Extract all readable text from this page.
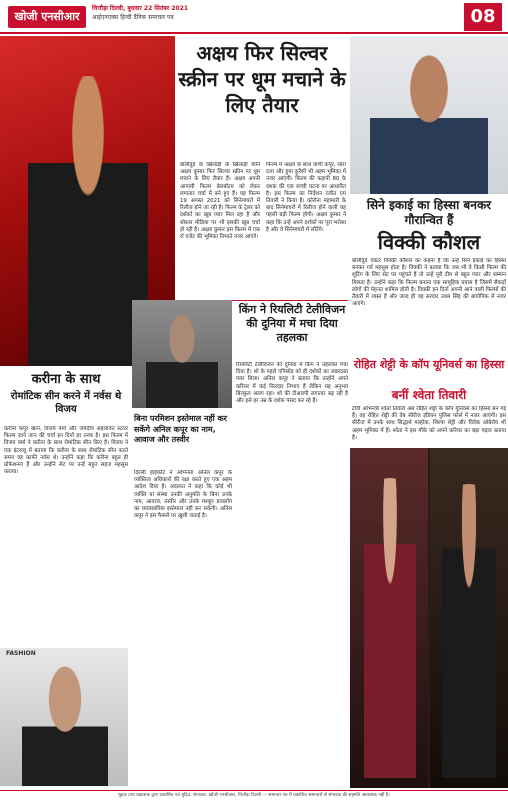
खोजी एनसीआर
चित्तौड़ा दिल्ली, बुधवार 22 सितंबर 2021
आईएनएक्स हिन्दी दैनिक समाचार पत्र	08
अक्षय फिर सिल्वर स्क्रीन पर धूम मचाने के लिए तैयार
बॉलीवुड के खिलाड़ी के खिलाड़ी यानि अक्षय कुमार फिर सिल्वर स्क्रीन पर धूम मचाने के लिए तैयार हैं। अक्षय अपनी आगामी फिल्म बेलबॉटम को लेकर लगातार चर्चा में बने हुए हैं। यह फिल्म 19 अगस्त 2021 को सिनेमाघरों में रिलीज होने जा रही है। फिल्म के ट्रेलर को दर्शकों का खूब प्यार मिल रहा है और सोशल मीडिया पर भी इसकी खूब चर्चा हो रही है। अक्षय कुमार इस फिल्म में एक रॉ एजेंट की भूमिका निभाते नजर आएंगे।
फिल्म में अक्षय के साथ वाणी कपूर, लारा दत्ता और हुमा कुरैशी भी अहम भूमिका में नजर आएंगी। फिल्म की कहानी 80 के दशक की एक सच्ची घटना पर आधारित है। इस फिल्म का निर्देशन रंजीत एम तिवारी ने किया है। कोरोना महामारी के बाद सिनेमाघरों में रिलीज होने वाली यह पहली बड़ी फिल्म होगी। अक्षय कुमार ने कहा कि उन्हें अपने दर्शकों पर पूरा भरोसा है और वे सिनेमाघरों में लौटेंगे।
सिने इकाई का हिस्सा बनकर गौरान्वित हैं
विक्की कौशल
बॉलीवुड एक्टर विक्की कौशल का कहना है कि उन्हें सिने इकाई का हिस्सा बनकर गर्व महसूस होता है। विक्की ने बताया कि जब भी वे किसी फिल्म की शूटिंग के लिए सेट पर पहुंचते हैं तो उन्हें पूरी टीम से बहुत प्यार और सम्मान मिलता है। उन्होंने कहा कि फिल्म बनाना एक सामूहिक प्रयास है जिसमें सैकड़ों लोगों की मेहनत शामिल होती है। विक्की इन दिनों अपनी आने वाली फिल्मों की तैयारी में व्यस्त हैं और जल्द ही वह सरदार उधम सिंह की बायोपिक में नजर आएंगे।
किंग ने रियलिटी टेलीविजन की दुनिया में मचा दिया तहलका
रियलिटी टेलीविजन की दुनिया में किंग ने तहलका मचा दिया है। शो के पहले एपिसोड को ही दर्शकों का जबरदस्त प्यार मिला। अनिल कपूर ने बताया कि उन्होंने अपने करियर में कई किरदार निभाए हैं लेकिन यह अनुभव बिल्कुल अलग रहा। शो की टीआरपी लगातार बढ़ रही है और इसे हर उम्र के दर्शक पसंद कर रहे हैं।
बिना परमिशन इस्तेमाल नहीं कर सकेंगे अनिल कपूर का नाम, आवाज और तस्वीर
दिल्ली हाईकोर्ट ने अभिनेता अनिल कपूर के व्यक्तित्व अधिकारों की रक्षा करते हुए एक अहम आदेश दिया है। अदालत ने कहा कि कोई भी व्यक्ति या संस्था उनकी अनुमति के बिना उनके नाम, आवाज, तस्वीर और उनके मशहूर डायलॉग का व्यावसायिक इस्तेमाल नहीं कर सकेगी। अनिल कपूर ने इस फैसले पर खुशी जताई है।
करीना के साथ
रोमांटिक सीन करने में नर्वस थे विजय
करीना कपूर खान, विजय वर्मा और जयदीप अहलावत स्टारर फिल्म जाने जान की चर्चा इन दिनों हर तरफ है। इस फिल्म में विजय वर्मा ने करीना के साथ रोमांटिक सीन किए हैं। विजय ने एक इंटरव्यू में बताया कि करीना के साथ रोमांटिक सीन करते समय वह काफी नर्वस थे। उन्होंने कहा कि करीना बहुत ही प्रोफेशनल हैं और उन्होंने सेट पर उन्हें बहुत सहज महसूस कराया।
FASHION
रोहित शेट्टी के कॉप यूनिवर्स का हिस्सा
बनीं श्वेता तिवारी
टीवी अभिनेत्री श्वेता तिवारी अब रोहित शेट्टी के कॉप यूनिवर्स का हिस्सा बन गई हैं। वह रोहित शेट्टी की वेब सीरीज इंडियन पुलिस फोर्स में नजर आएंगी। इस सीरीज में उनके साथ सिद्धार्थ मल्होत्रा, शिल्पा शेट्टी और विवेक ओबेरॉय भी अहम भूमिका में हैं। श्वेता ने इस मौके को अपने करियर का बड़ा पड़ाव बताया है।
मुद्रक तथा प्रकाशक द्वारा प्रकाशित एवं मुद्रित, संपादक: खोजी एनसीआर, चित्तौड़ा दिल्ली — समाचार पत्र में प्रकाशित समाचारों से संपादक की सहमति आवश्यक नहीं है।
